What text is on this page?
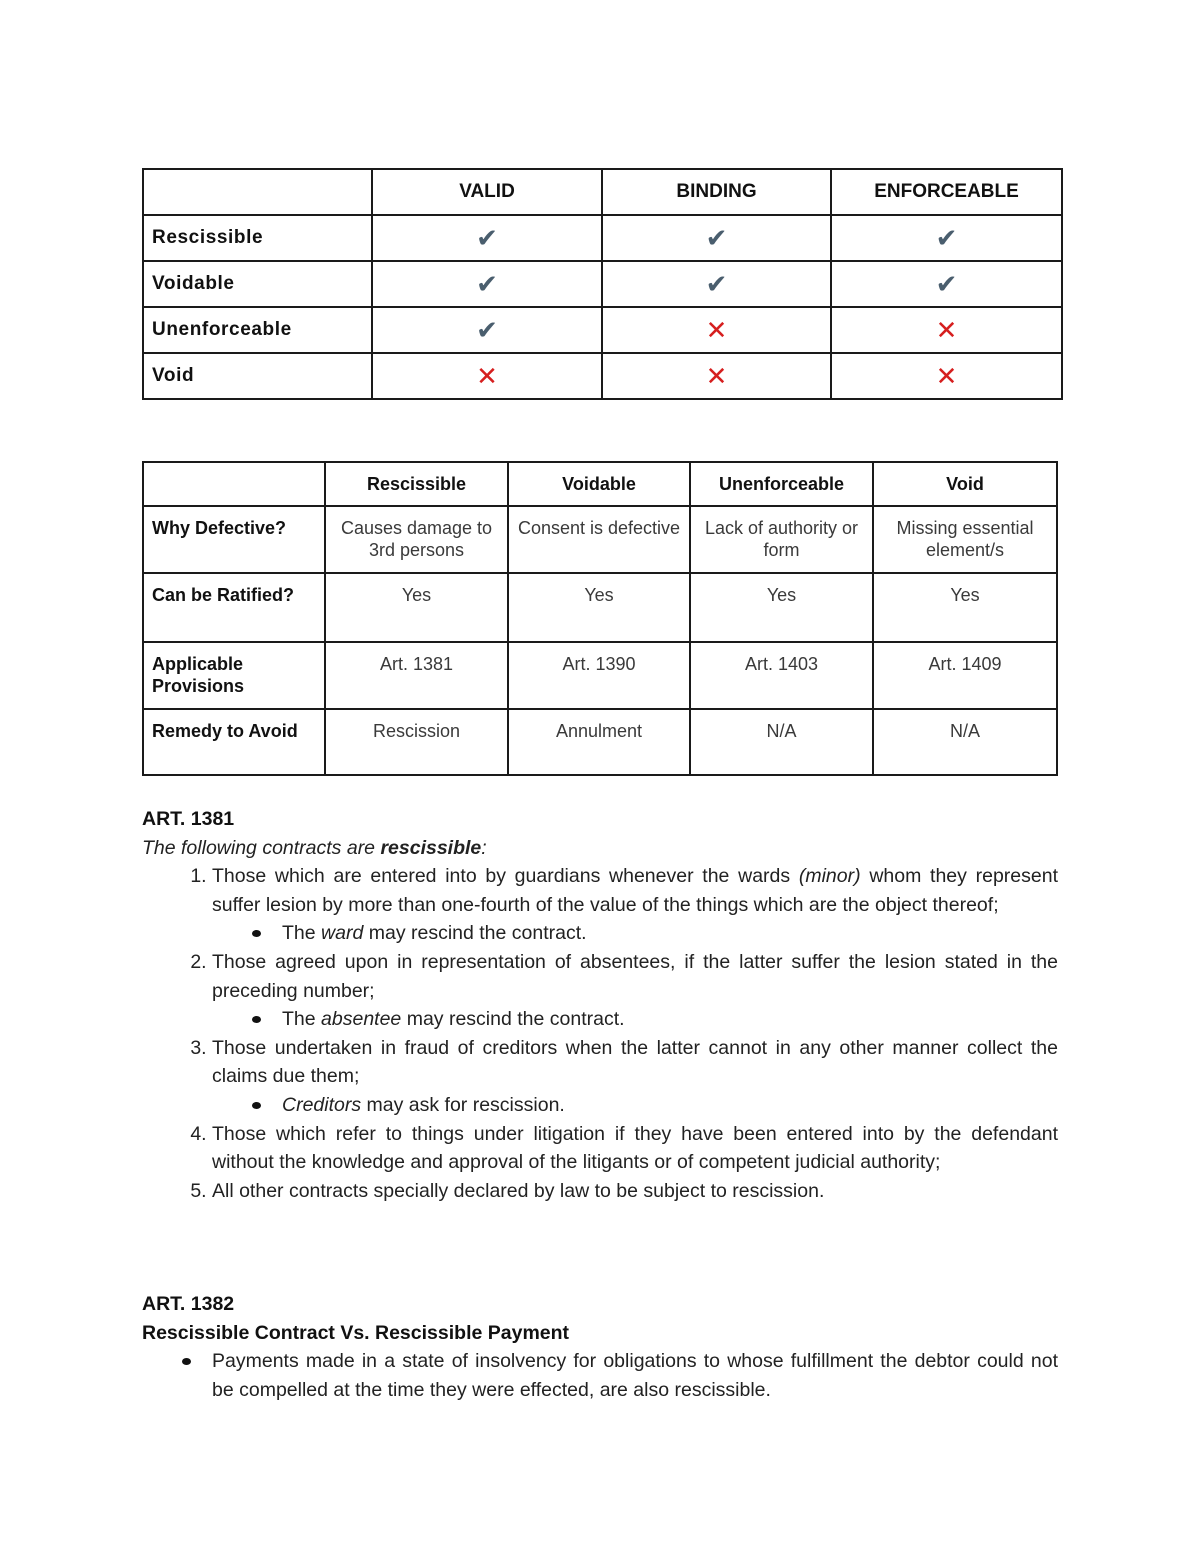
	VALID	BINDING	ENFORCEABLE
Rescissible	✔	✔	✔
Voidable	✔	✔	✔
Unenforceable	✔	✕	✕
Void	✕	✕	✕
	Rescissible	Voidable	Unenforceable	Void
Why Defective?	Causes damage to 3rd persons	Consent is defective	Lack of authority or form	Missing essential element/s
Can be Ratified?	Yes	Yes	Yes	Yes
Applicable Provisions	Art. 1381	Art. 1390	Art. 1403	Art. 1409
Remedy to Avoid	Rescission	Annulment	N/A	N/A
ART. 1381
The following contracts are rescissible:
1. Those which are entered into by guardians whenever the wards (minor) whom they represent suffer lesion by more than one-fourth of the value of the things which are the object thereof;
The ward may rescind the contract.
2. Those agreed upon in representation of absentees, if the latter suffer the lesion stated in the preceding number;
The absentee may rescind the contract.
3. Those undertaken in fraud of creditors when the latter cannot in any other manner collect the claims due them;
Creditors may ask for rescission.
4. Those which refer to things under litigation if they have been entered into by the defendant without the knowledge and approval of the litigants or of competent judicial authority;
5. All other contracts specially declared by law to be subject to rescission.
ART. 1382
Rescissible Contract Vs. Rescissible Payment
Payments made in a state of insolvency for obligations to whose fulfillment the debtor could not be compelled at the time they were effected, are also rescissible.
